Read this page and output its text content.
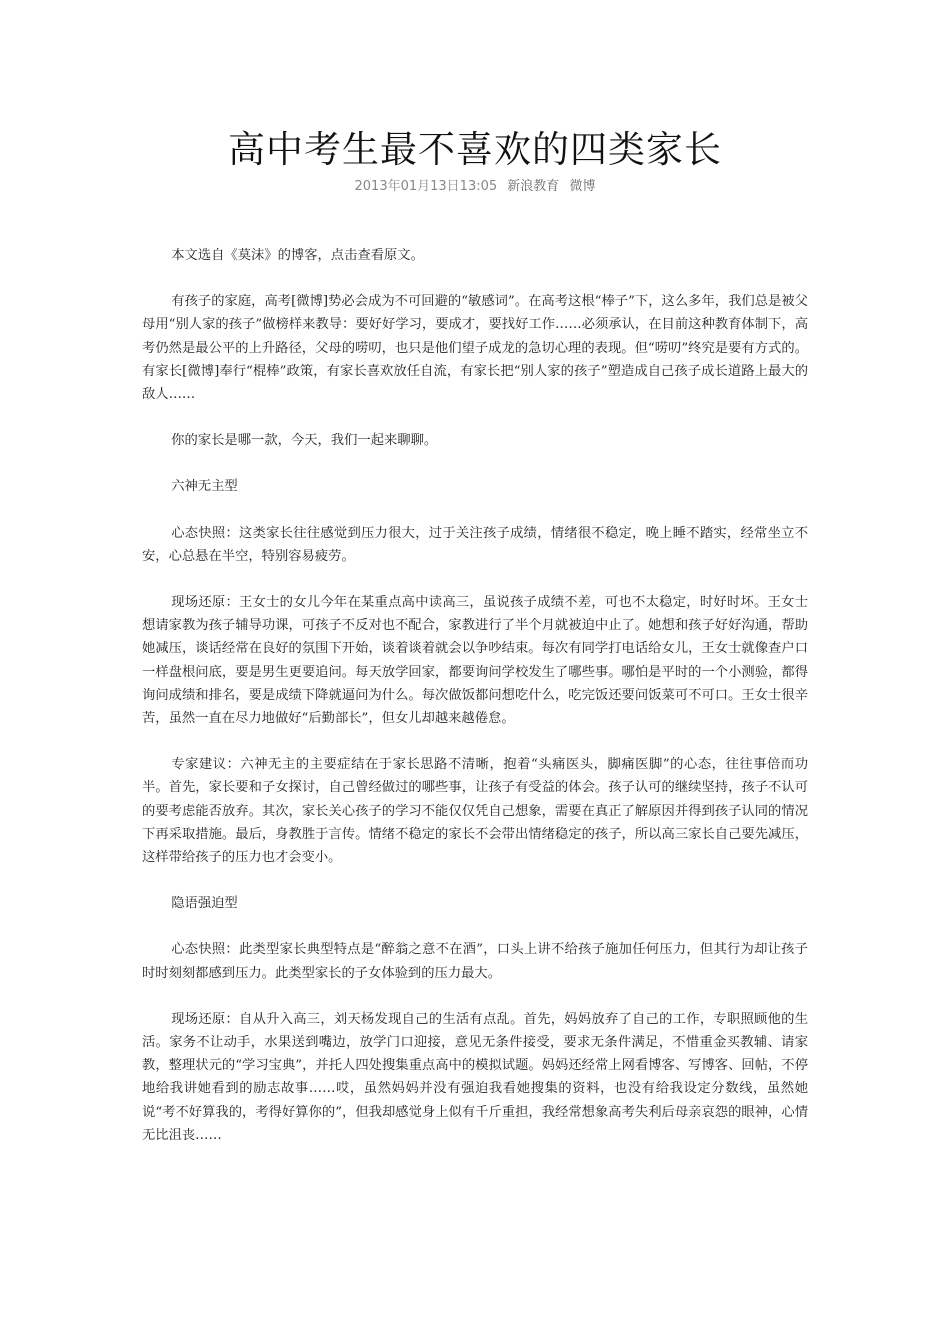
高中考生最不喜欢的四类家长
2013年01月13日13:05 新浪教育 微博

本文选自《莫沫》的博客，点击查看原文。

有孩子的家庭，高考[微博]势必会成为不可回避的“敏感词”。在高考这根“棒子”下，这么多年，我们总是被父母用“别人家的孩子”做榜样来教导：要好好学习，要成才，要找好工作……必须承认，在目前这种教育体制下，高考仍然是最公平的上升路径，父母的唠叨，也只是他们望子成龙的急切心理的表现。但“唠叨”终究是要有方式的。有家长[微博]奉行“棍棒”政策，有家长喜欢放任自流，有家长把“别人家的孩子”塑造成自己孩子成长道路上最大的敌人……

你的家长是哪一款，今天，我们一起来聊聊。

六神无主型

心态快照：这类家长往往感觉到压力很大，过于关注孩子成绩，情绪很不稳定，晚上睡不踏实，经常坐立不安，心总悬在半空，特别容易疲劳。

现场还原：王女士的女儿今年在某重点高中读高三，虽说孩子成绩不差，可也不太稳定，时好时坏。王女士想请家教为孩子辅导功课，可孩子不反对也不配合，家教进行了半个月就被迫中止了。她想和孩子好好沟通，帮助她减压，谈话经常在良好的氛围下开始，谈着谈着就会以争吵结束。每次有同学打电话给女儿，王女士就像查户口一样盘根问底，要是男生更要追问。每天放学回家，都要询问学校发生了哪些事。哪怕是平时的一个小测验，都得询问成绩和排名，要是成绩下降就逼问为什么。每次做饭都问想吃什么，吃完饭还要问饭菜可不可口。王女士很辛苦，虽然一直在尽力地做好“后勤部长”，但女儿却越来越倦怠。

专家建议：六神无主的主要症结在于家长思路不清晰，抱着“头痛医头，脚痛医脚”的心态，往往事倍而功半。首先，家长要和子女探讨，自己曾经做过的哪些事，让孩子有受益的体会。孩子认可的继续坚持，孩子不认可的要考虑能否放弃。其次，家长关心孩子的学习不能仅仅凭自己想象，需要在真正了解原因并得到孩子认同的情况下再采取措施。最后，身教胜于言传。情绪不稳定的家长不会带出情绪稳定的孩子，所以高三家长自己要先减压，这样带给孩子的压力也才会变小。

隐语强迫型

心态快照：此类型家长典型特点是“醉翁之意不在酒”，口头上讲不给孩子施加任何压力，但其行为却让孩子时时刻刻都感到压力。此类型家长的子女体验到的压力最大。

现场还原：自从升入高三，刘天杨发现自己的生活有点乱。首先，妈妈放弃了自己的工作，专职照顾他的生活。家务不让动手，水果送到嘴边，放学门口迎接，意见无条件接受，要求无条件满足，不惜重金买教辅、请家教，整理状元的“学习宝典”，并托人四处搜集重点高中的模拟试题。妈妈还经常上网看博客、写博客、回帖，不停地给我讲她看到的励志故事……哎，虽然妈妈并没有强迫我看她搜集的资料，也没有给我设定分数线，虽然她说“考不好算我的，考得好算你的”，但我却感觉身上似有千斤重担，我经常想象高考失利后母亲哀怨的眼神，心情无比沮丧……
